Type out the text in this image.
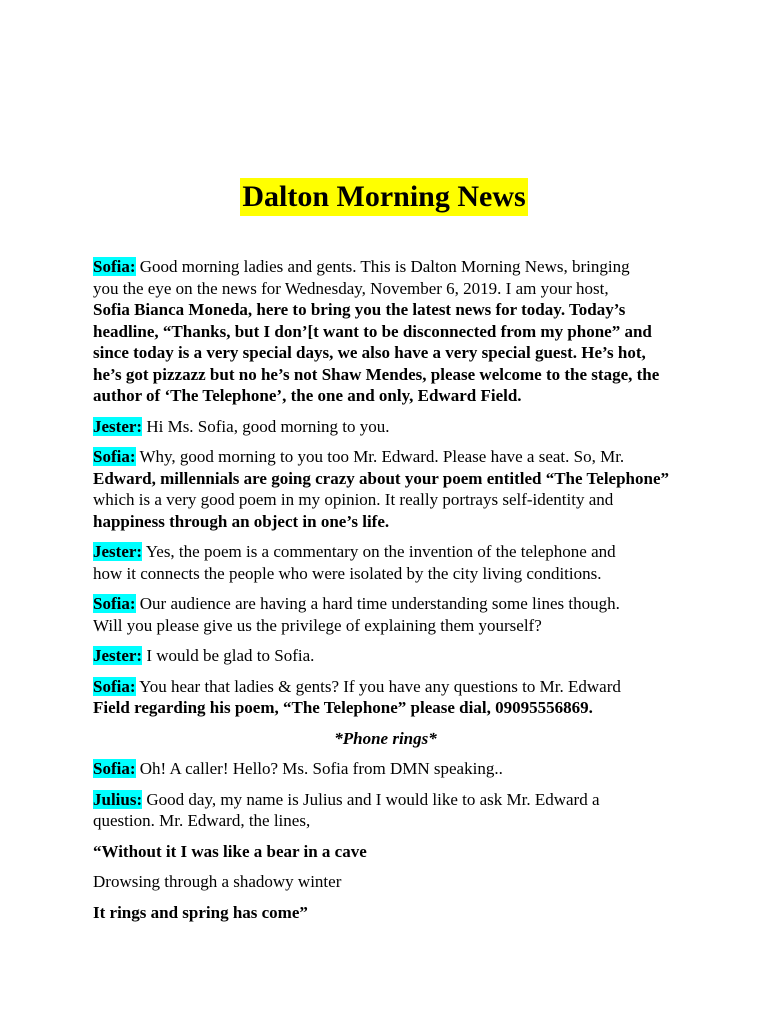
Dalton Morning News
Sofia: Good morning ladies and gents. This is Dalton Morning News, bringing
you the eye on the news for Wednesday, November 6, 2019. I am your host,
Sofia Bianca Moneda, here to bring you the latest news for today. Today’s
headline, “Thanks, but I don’[t want to be disconnected from my phone” and
since today is a very special days, we also have a very special guest. He’s hot,
he’s got pizzazz but no he’s not Shaw Mendes, please welcome to the stage, the
author of ‘The Telephone’, the one and only, Edward Field.
Jester: Hi Ms. Sofia, good morning to you.
Sofia: Why, good morning to you too Mr. Edward. Please have a seat. So, Mr.
Edward, millennials are going crazy about your poem entitled “The Telephone”
which is a very good poem in my opinion. It really portrays self-identity and
happiness through an object in one’s life.
Jester: Yes, the poem is a commentary on the invention of the telephone and
how it connects the people who were isolated by the city living conditions.
Sofia: Our audience are having a hard time understanding some lines though.
Will you please give us the privilege of explaining them yourself?
Jester: I would be glad to Sofia.
Sofia: You hear that ladies & gents? If you have any questions to Mr. Edward
Field regarding his poem, “The Telephone” please dial, 09095556869.
*Phone rings*
Sofia: Oh! A caller! Hello? Ms. Sofia from DMN speaking..
Julius: Good day, my name is Julius and I would like to ask Mr. Edward a
question. Mr. Edward, the lines,
“Without it I was like a bear in a cave
Drowsing through a shadowy winter
It rings and spring has come”
